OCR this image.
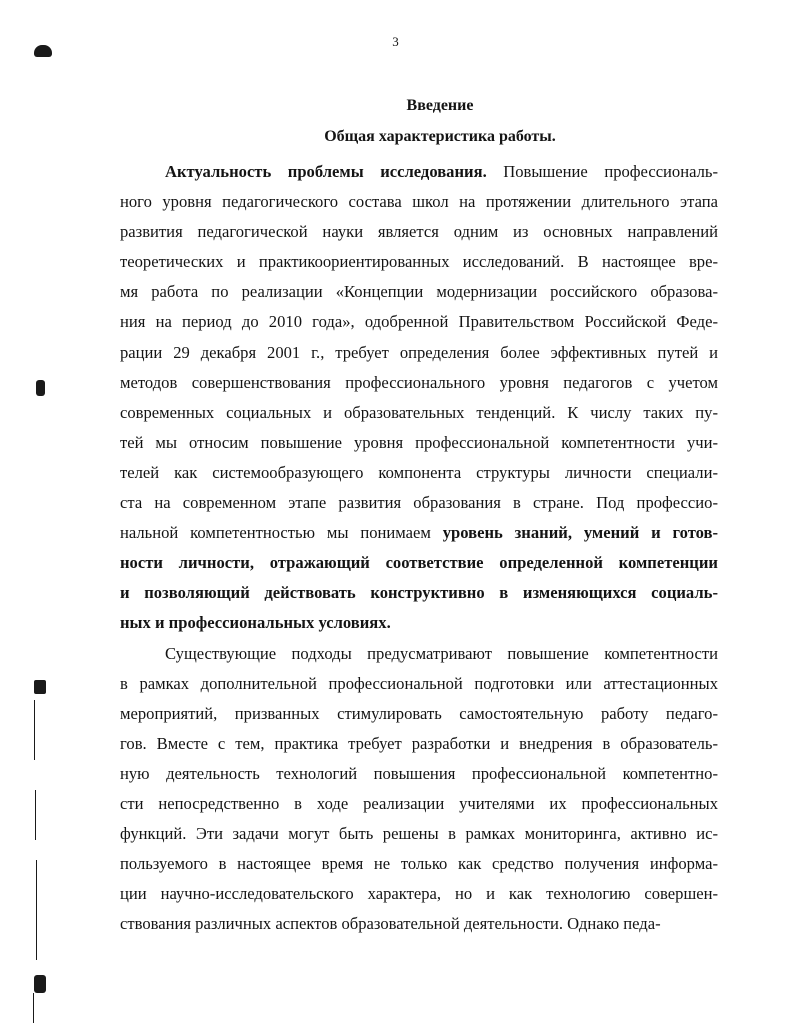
3
Введение
Общая характеристика работы.
Актуальность проблемы исследования. Повышение профессиональ-
ного уровня педагогического состава школ на протяжении длительного этапа
развития педагогической науки является одним из основных направлений
теоретических и практикоориентированных исследований. В настоящее вре-
мя работа по реализации «Концепции модернизации российского образова-
ния на период до 2010 года», одобренной Правительством Российской Феде-
рации 29 декабря 2001 г., требует определения более эффективных путей и
методов совершенствования профессионального уровня педагогов с учетом
современных социальных и образовательных тенденций. К числу таких пу-
тей мы относим повышение уровня профессиональной компетентности учи-
телей как системообразующего компонента структуры личности специали-
ста на современном этапе развития образования в стране. Под профессио-
нальной компетентностью мы понимаем уровень знаний, умений и готов-
ности личности, отражающий соответствие определенной компетенции
и позволяющий действовать конструктивно в изменяющихся социаль-
ных и профессиональных условиях.
Существующие подходы предусматривают повышение компетентности
в рамках дополнительной профессиональной подготовки или аттестационных
мероприятий, призванных стимулировать самостоятельную работу педаго-
гов. Вместе с тем, практика требует разработки и внедрения в образователь-
ную деятельность технологий повышения профессиональной компетентно-
сти непосредственно в ходе реализации учителями их профессиональных
функций. Эти задачи могут быть решены в рамках мониторинга, активно ис-
пользуемого в настоящее время не только как средство получения информа-
ции научно-исследовательского характера, но и как технологию совершен-
ствования различных аспектов образовательной деятельности. Однако педа-
